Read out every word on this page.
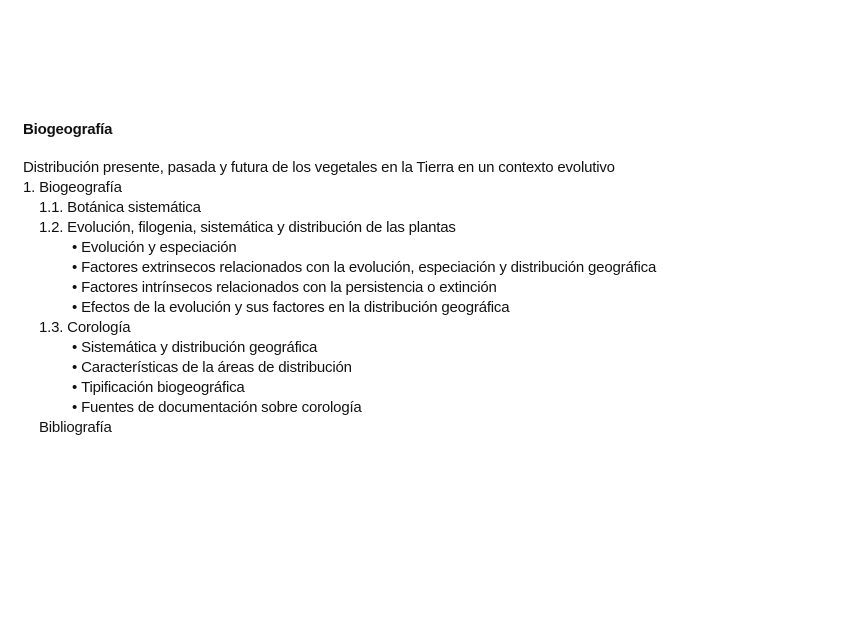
Biogeografía

Distribución presente, pasada y futura de los vegetales en la Tierra en un contexto evolutivo

1. Biogeografía

1.1. Botánica sistemática

1.2. Evolución, filogenia, sistemática y distribución de las plantas

• Evolución y especiación

• Factores extrinsecos relacionados con la evolución, especiación y distribución geográfica

• Factores intrínsecos relacionados con la persistencia o extinción

• Efectos de la evolución y sus factores en la distribución geográfica

1.3. Corología

• Sistemática y distribución geográfica

• Características de la áreas de distribución

• Tipificación biogeográfica

• Fuentes de documentación sobre corología

Bibliografía
